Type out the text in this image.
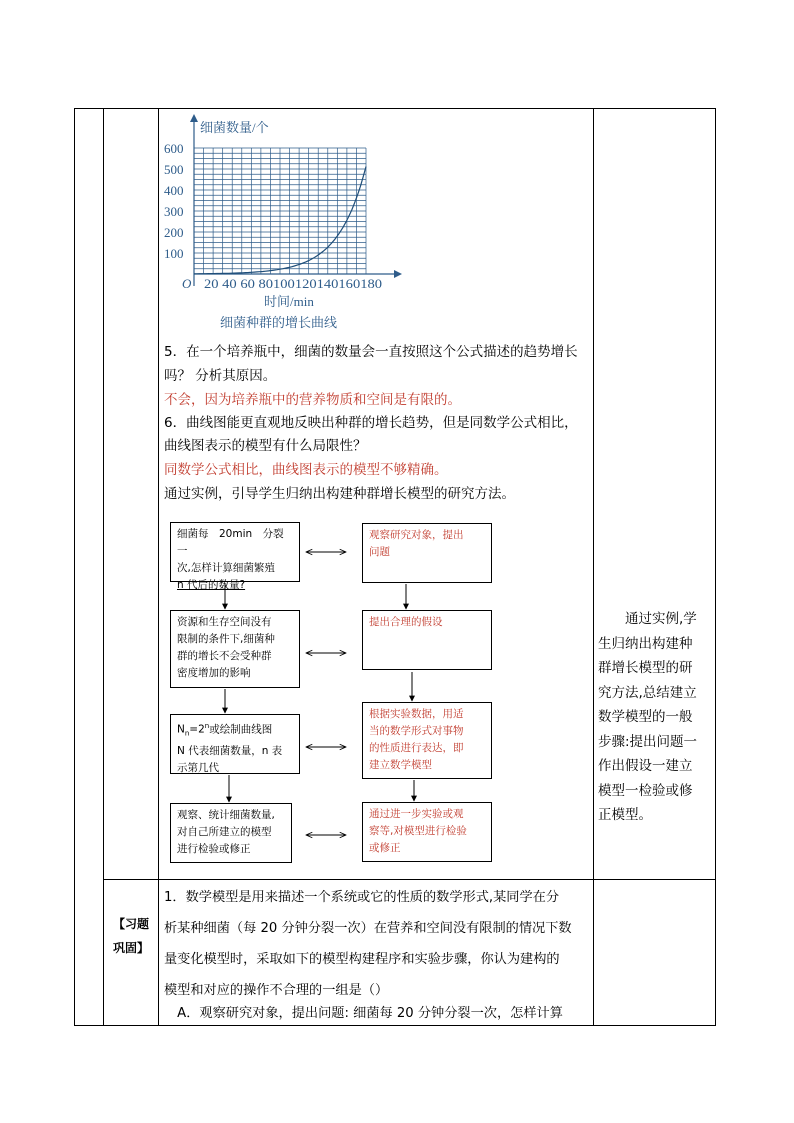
细菌数量/个
600
500
400
300
200
100
O 20 40 60 80100120140160180
时间/min
细菌种群的增长曲线
5．在一个培养瓶中，细菌的数量会一直按照这个公式描述的趋势增长
吗？ 分析其原因。
不会，因为培养瓶中的营养物质和空间是有限的。
6．曲线图能更直观地反映出种群的增长趋势，但是同数学公式相比，
曲线图表示的模型有什么局限性？
同数学公式相比，曲线图表示的模型不够精确。
通过实例，引导学生归纳出构建种群增长模型的研究方法。
细菌每　20min　分裂一
次,怎样计算细菌繁殖
n 代后的数量?
资源和生存空间没有
限制的条件下,细菌种
群的增长不会受种群
密度增加的影响
$N_n=2^n$或绘制曲线图
N 代表细菌数量，n 表
示第几代
观察、统计细菌数量,
对自己所建立的模型
进行检验或修正
观察研究对象，提出
问题
提出合理的假设
根据实验数据，用适
当的数学形式对事物
的性质进行表达，即
建立数学模型
通过进一步实验或观
察等,对模型进行检验
或修正
　　通过实例,学
生归纳出构建种
群增长模型的研
究方法,总结建立
数学模型的一般
步骤:提出问题一
作出假设一建立
模型一检验或修
正模型。
【习题
巩固】
1．数学模型是用来描述一个系统或它的性质的数学形式,某同学在分
析某种细菌（每 20 分钟分裂一次）在营养和空间没有限制的情况下数
量变化模型时，采取如下的模型构建程序和实验步骤，你认为建构的
模型和对应的操作不合理的一组是（）
　A．观察研究对象，提出问题: 细菌每 20 分钟分裂一次，怎样计算
